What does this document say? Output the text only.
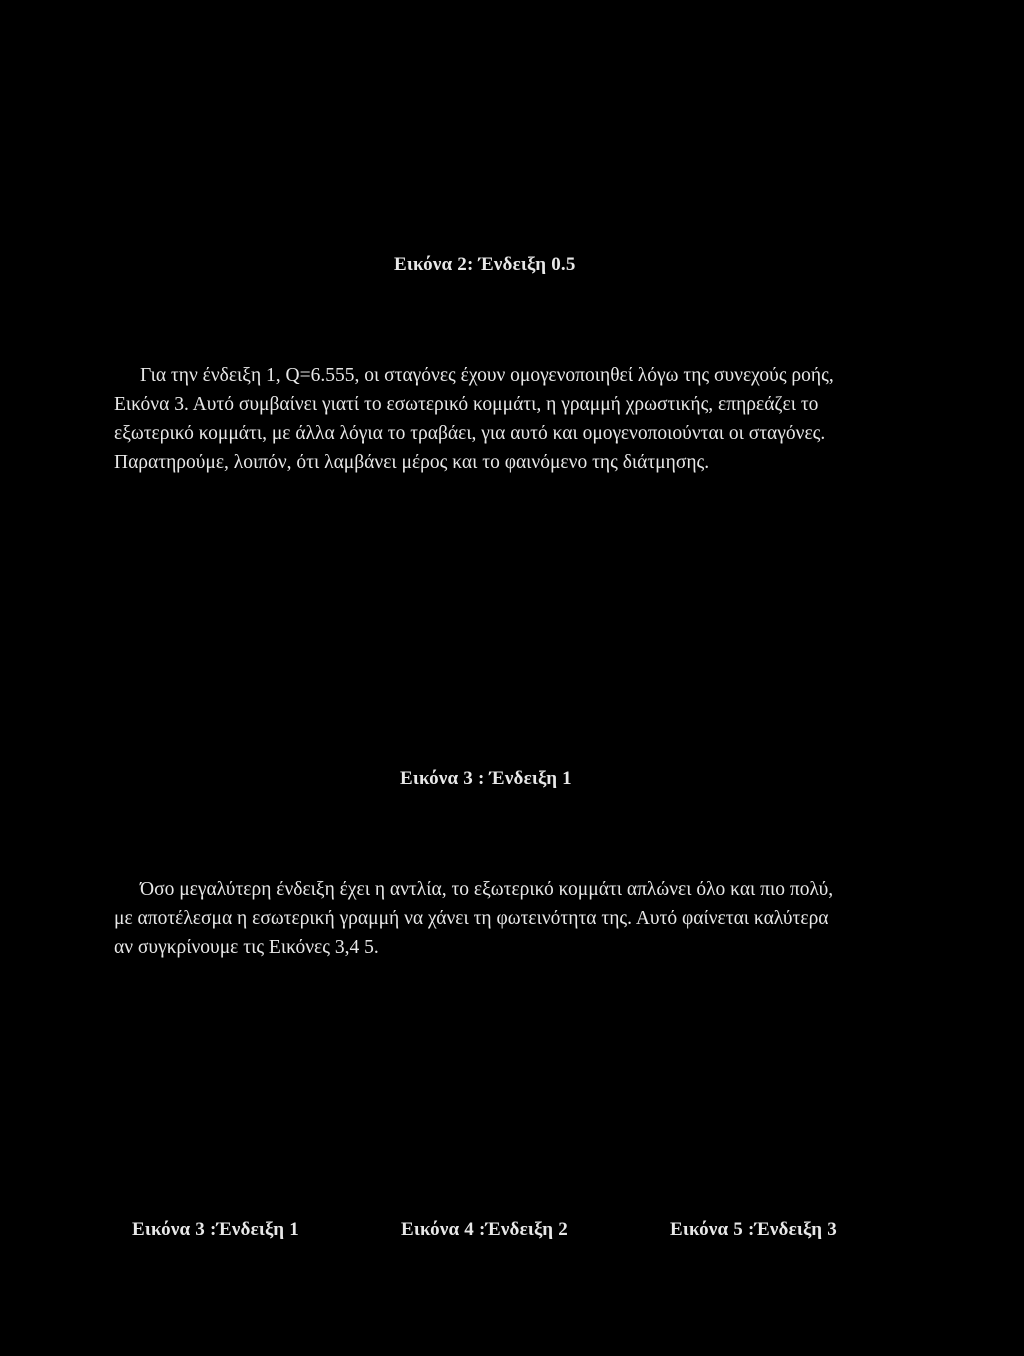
Εικόνα 2: Ένδειξη 0.5
Για την ένδειξη 1, Q=6.555, οι σταγόνες έχουν ομογενοποιηθεί λόγω της συνεχούς ροής,
Εικόνα 3. Αυτό συμβαίνει γιατί το εσωτερικό κομμάτι, η γραμμή χρωστικής, επηρεάζει το
εξωτερικό κομμάτι, με άλλα λόγια το τραβάει, για αυτό και ομογενοποιούνται οι σταγόνες.
Παρατηρούμε, λοιπόν, ότι λαμβάνει μέρος και το φαινόμενο της διάτμησης.
Εικόνα 3 : Ένδειξη 1
Όσο μεγαλύτερη ένδειξη έχει η αντλία, το εξωτερικό κομμάτι απλώνει όλο και πιο πολύ,
με αποτέλεσμα η εσωτερική γραμμή να χάνει τη φωτεινότητα της. Αυτό φαίνεται καλύτερα
αν συγκρίνουμε τις Εικόνες 3,4 5.
Εικόνα 3 :Ένδειξη 1	Εικόνα 4 :Ένδειξη 2	Εικόνα 5 :Ένδειξη 3
